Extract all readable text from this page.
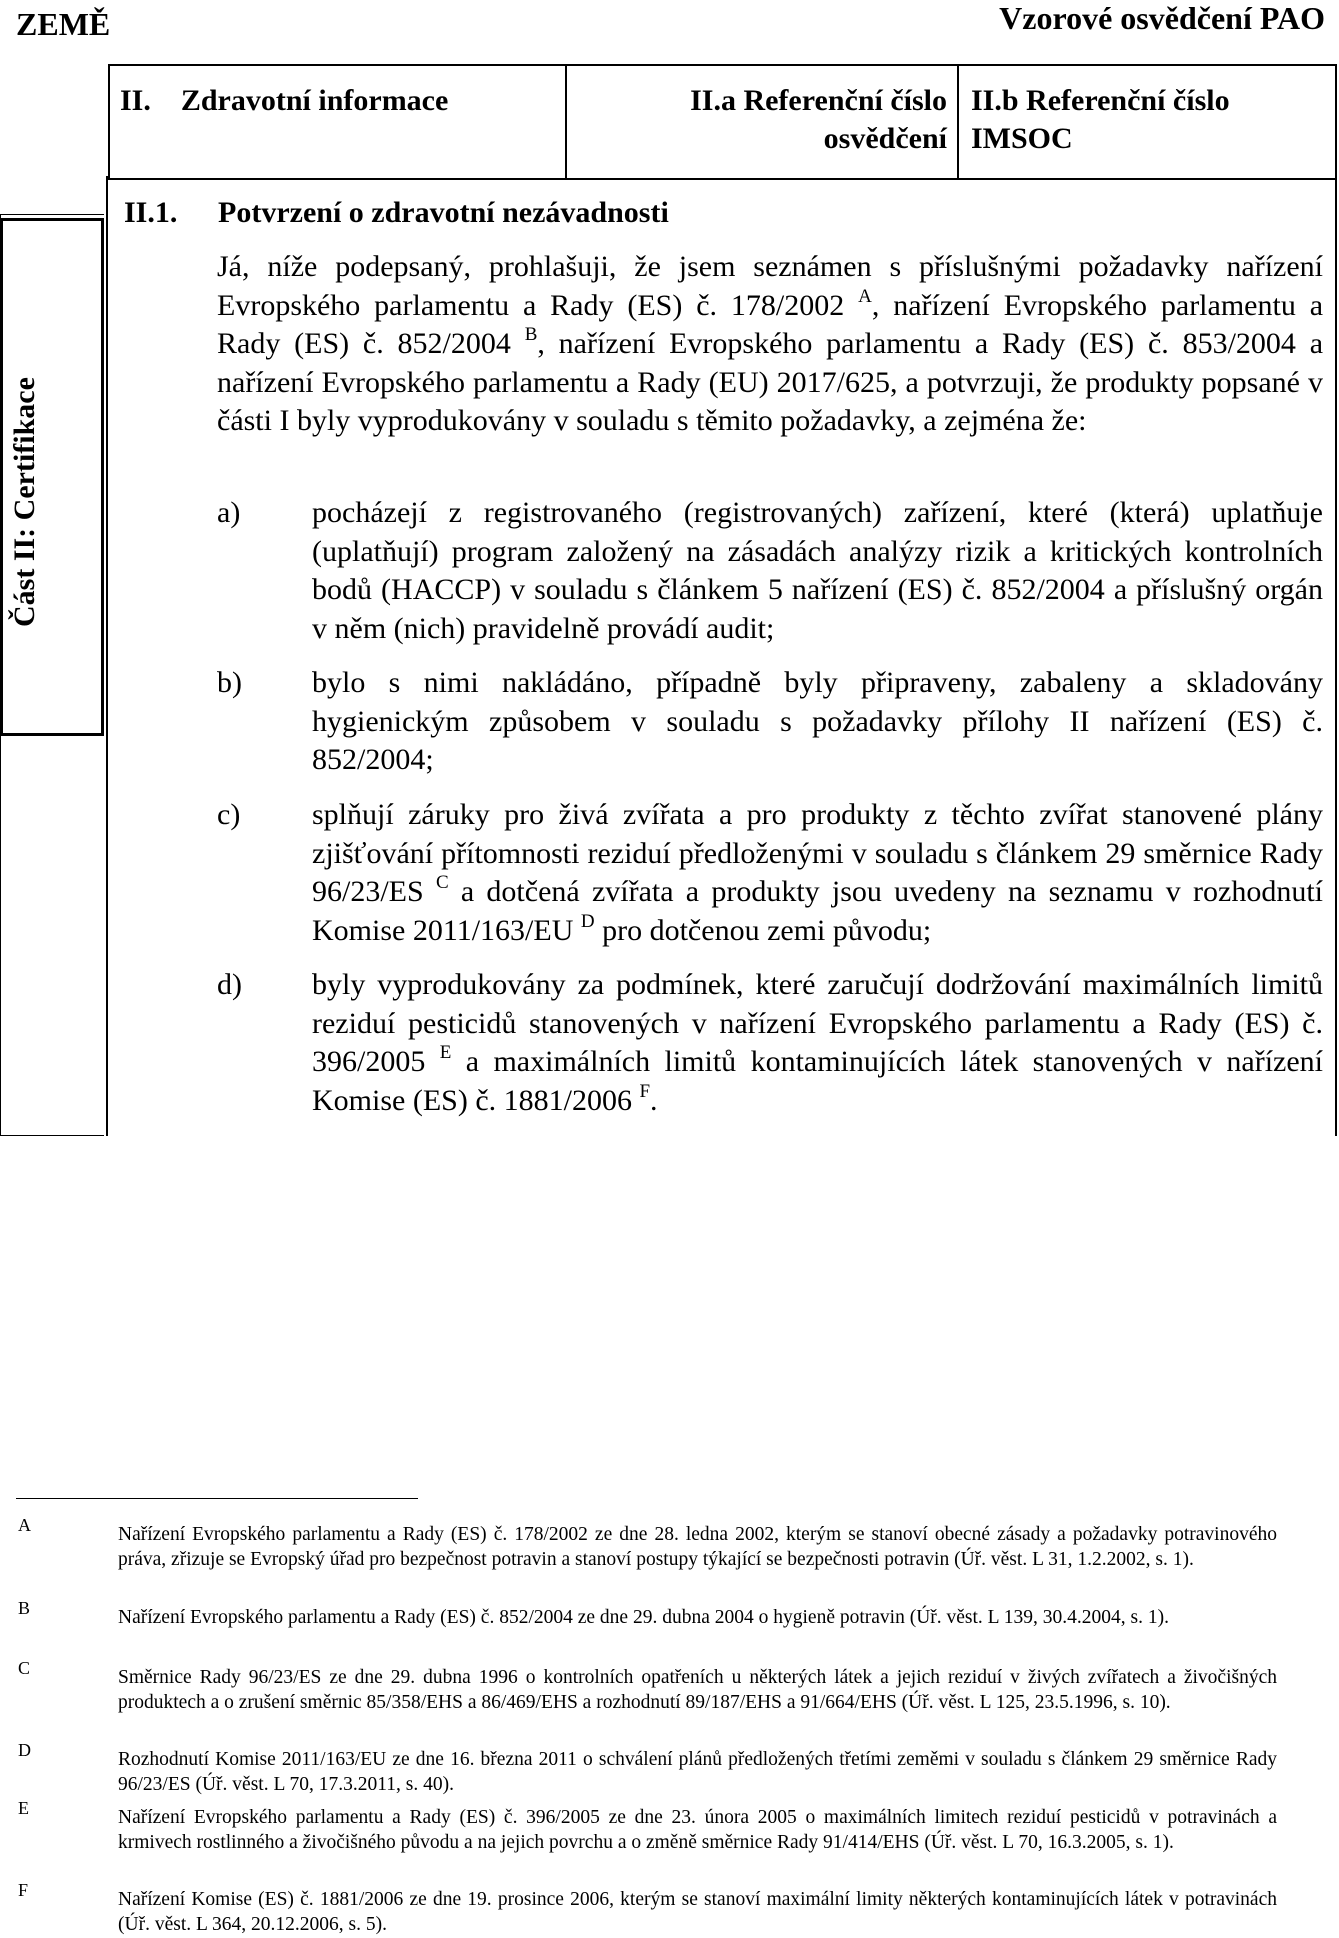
ZEMĚ	Vzorové osvědčení PAO
II.    Zdravotní informace	II.a Referenční číslo osvědčení
II.b Referenční číslo IMSOC
Část II: Certifikace
II.1. Potvrzení o zdravotní nezávadnosti
Já, níže podepsaný, prohlašuji, že jsem seznámen s příslušnými požadavky nařízení Evropského parlamentu a Rady (ES) č. 178/2002 $^A$, nařízení Evropského parlamentu a Rady (ES) č. 852/2004 $^B$, nařízení Evropského parlamentu a Rady (ES) č. 853/2004 a nařízení Evropského parlamentu a Rady (EU) 2017/625, a potvrzuji, že produkty popsané v části I byly vyprodukovány v souladu s těmito požadavky, a zejména že:
a) pocházejí z registrovaného (registrovaných) zařízení, které (která) uplatňuje (uplatňují) program založený na zásadách analýzy rizik a kritických kontrolních bodů (HACCP) v souladu s článkem 5 nařízení (ES) č. 852/2004 a příslušný orgán v něm (nich) pravidelně provádí audit;
b) bylo s nimi nakládáno, případně byly připraveny, zabaleny a skladovány hygienickým způsobem v souladu s požadavky přílohy II nařízení (ES) č. 852/2004;
c) splňují záruky pro živá zvířata a pro produkty z těchto zvířat stanovené plány zjišťování přítomnosti reziduí předloženými v souladu s článkem 29 směrnice Rady 96/23/ES $^C$ a dotčená zvířata a produkty jsou uvedeny na seznamu v rozhodnutí Komise 2011/163/EU $^D$ pro dotčenou zemi původu;
d) byly vyprodukovány za podmínek, které zaručují dodržování maximálních limitů reziduí pesticidů stanovených v nařízení Evropského parlamentu a Rady (ES) č. 396/2005 $^E$ a maximálních limitů kontaminujících látek stanovených v nařízení Komise (ES) č. 1881/2006 $^F$.
A	Nařízení Evropského parlamentu a Rady (ES) č. 178/2002 ze dne 28. ledna 2002, kterým se stanoví obecné zásady a požadavky potravinového práva, zřizuje se Evropský úřad pro bezpečnost potravin a stanoví postupy týkající se bezpečnosti potravin (Úř. věst. L 31, 1.2.2002, s. 1).
B	Nařízení Evropského parlamentu a Rady (ES) č. 852/2004 ze dne 29. dubna 2004 o hygieně potravin (Úř. věst. L 139, 30.4.2004, s. 1).
C	Směrnice Rady 96/23/ES ze dne 29. dubna 1996 o kontrolních opatřeních u některých látek a jejich reziduí v živých zvířatech a živočišných produktech a o zrušení směrnic 85/358/EHS a 86/469/EHS a rozhodnutí 89/187/EHS a 91/664/EHS (Úř. věst. L 125, 23.5.1996, s. 10).
D	Rozhodnutí Komise 2011/163/EU ze dne 16. března 2011 o schválení plánů předložených třetími zeměmi v souladu s článkem 29 směrnice Rady 96/23/ES (Úř. věst. L 70, 17.3.2011, s. 40).
E	Nařízení Evropského parlamentu a Rady (ES) č. 396/2005 ze dne 23. února 2005 o maximálních limitech reziduí pesticidů v potravinách a krmivech rostlinného a živočišného původu a na jejich povrchu a o změně směrnice Rady 91/414/EHS (Úř. věst. L 70, 16.3.2005, s. 1).
F	Nařízení Komise (ES) č. 1881/2006 ze dne 19. prosince 2006, kterým se stanoví maximální limity některých kontaminujících látek v potravinách (Úř. věst. L 364, 20.12.2006, s. 5).
